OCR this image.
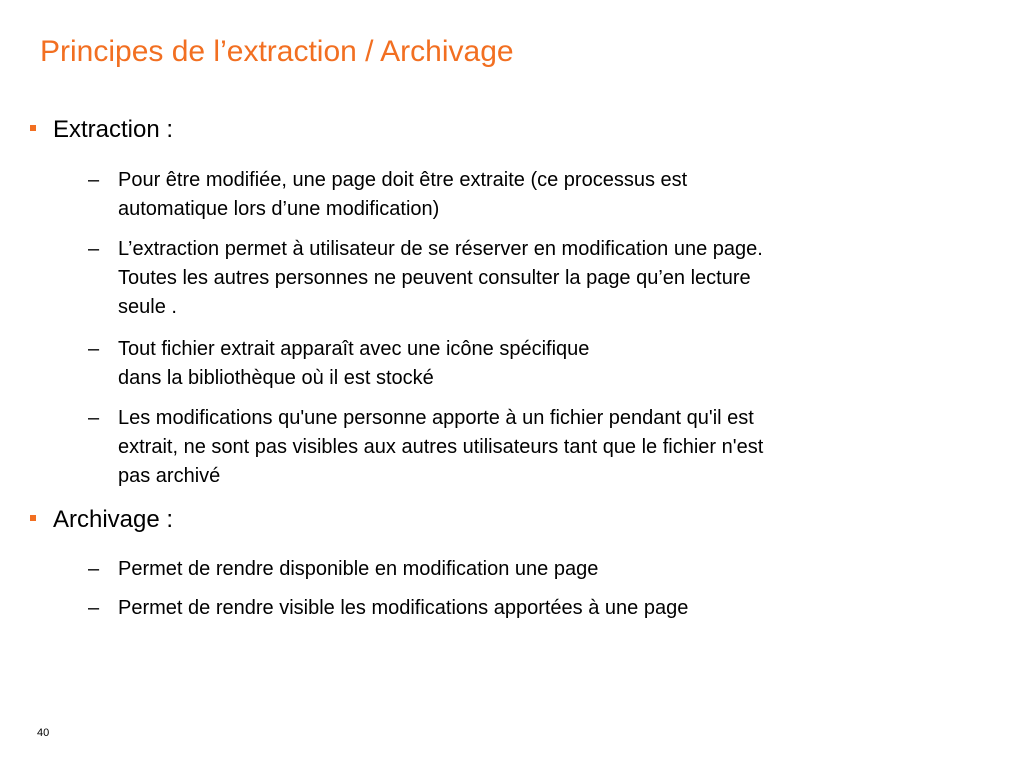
Principes de l’extraction / Archivage
Extraction :
– Pour être modifiée, une page doit être extraite (ce processus est
automatique lors d’une modification)
– L’extraction permet à utilisateur de se réserver en modification une page.
Toutes les autres personnes ne peuvent consulter la page qu’en lecture
seule .
– Tout fichier extrait apparaît avec une icône spécifique
dans la bibliothèque où il est stocké
– Les modifications qu'une personne apporte à un fichier pendant qu'il est
extrait, ne sont pas visibles aux autres utilisateurs tant que le fichier n'est
pas archivé
Archivage :
– Permet de rendre disponible en modification une page
– Permet de rendre visible les modifications apportées à une page
40
